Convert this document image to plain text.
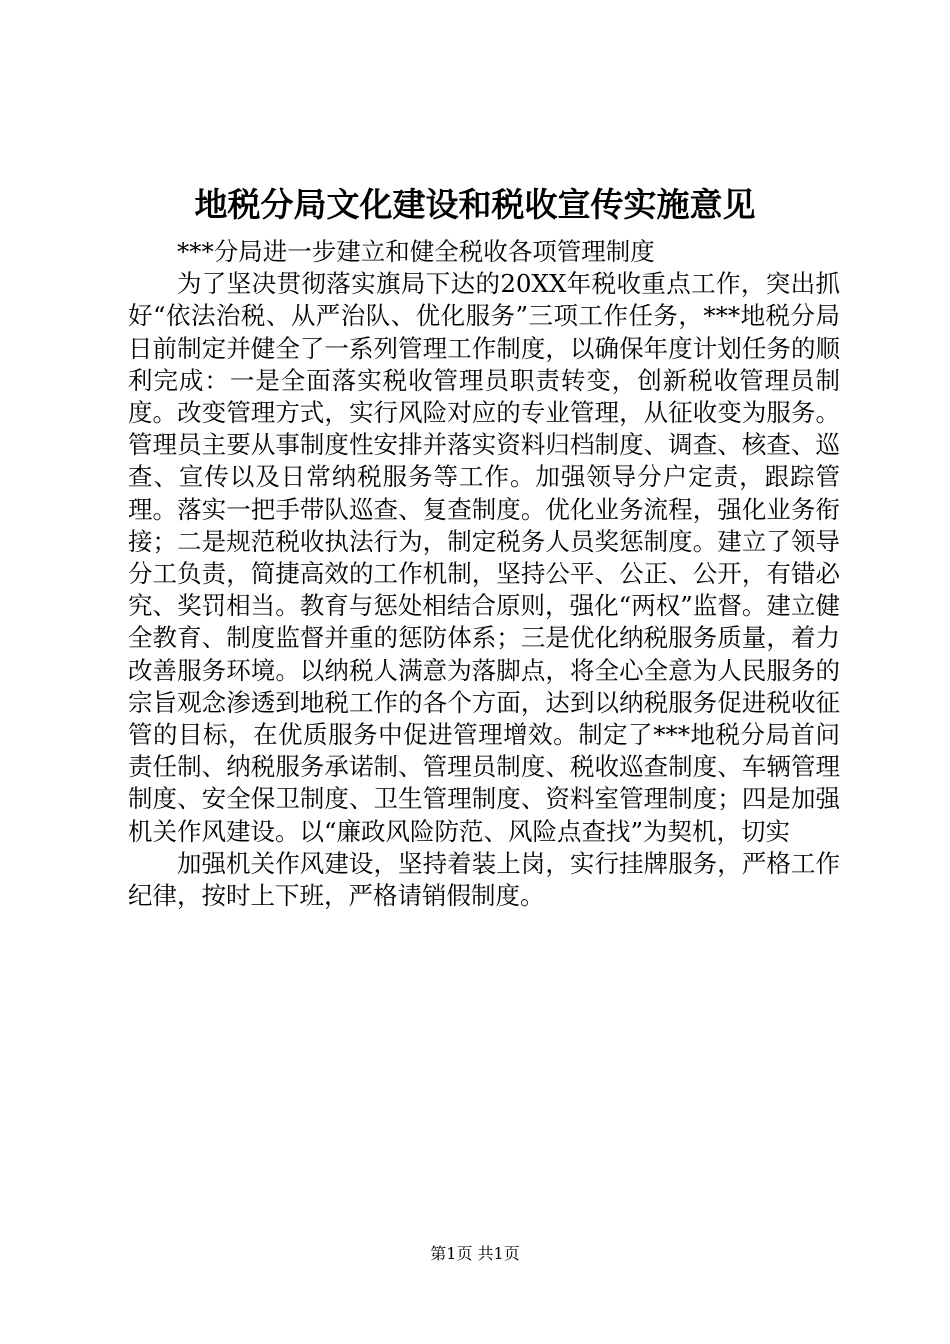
地税分局文化建设和税收宣传实施意见

***分局进一步建立和健全税收各项管理制度

为了坚决贯彻落实旗局下达的20XX年税收重点工作，突出抓好“依法治税、从严治队、优化服务”三项工作任务，***地税分局日前制定并健全了一系列管理工作制度，以确保年度计划任务的顺利完成：一是全面落实税收管理员职责转变，创新税收管理员制度。改变管理方式，实行风险对应的专业管理，从征收变为服务。管理员主要从事制度性安排并落实资料归档制度、调查、核查、巡查、宣传以及日常纳税服务等工作。加强领导分户定责，跟踪管理。落实一把手带队巡查、复查制度。优化业务流程，强化业务衔接；二是规范税收执法行为，制定税务人员奖惩制度。建立了领导分工负责，简捷高效的工作机制，坚持公平、公正、公开，有错必究、奖罚相当。教育与惩处相结合原则，强化“两权”监督。建立健全教育、制度监督并重的惩防体系；三是优化纳税服务质量，着力改善服务环境。以纳税人满意为落脚点，将全心全意为人民服务的宗旨观念渗透到地税工作的各个方面，达到以纳税服务促进税收征管的目标，在优质服务中促进管理增效。制定了***地税分局首问责任制、纳税服务承诺制、管理员制度、税收巡查制度、车辆管理制度、安全保卫制度、卫生管理制度、资料室管理制度；四是加强机关作风建设。以“廉政风险防范、风险点查找”为契机，切实

加强机关作风建设，坚持着装上岗，实行挂牌服务，严格工作纪律，按时上下班，严格请销假制度。

第1页 共1页
